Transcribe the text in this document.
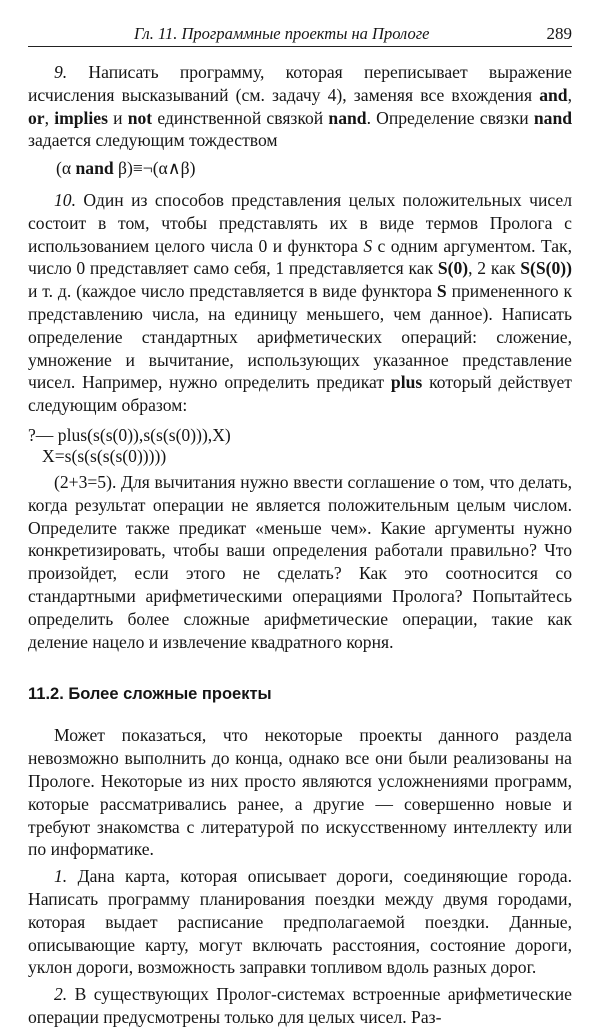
Гл. 11. Программные проекты на Прологе	289

9. Написать программу, которая переписывает выражение исчисления высказываний (см. задачу 4), заменяя все вхождения and, or, implies и not единственной связкой nand. Определение связки nand задается следующим тождеством

(α nand β)≡¬(α∧β)

10. Один из способов представления целых положительных чисел состоит в том, чтобы представлять их в виде термов Пролога с использованием целого числа 0 и функтора S с одним аргументом. Так, число 0 представляет само себя, 1 представляется как S(0), 2 как S(S(0)) и т. д. (каждое число представляется в виде функтора S примененного к представлению числа, на единицу меньшего, чем данное). Написать определение стандартных арифметических операций: сложение, умножение и вычитание, использующих указанное представление чисел. Например, нужно определить предикат plus который действует следующим образом:

?— plus(s(s(0)),s(s(s(0))),X)
X=s(s(s(s(s(0)))))

(2+3=5). Для вычитания нужно ввести соглашение о том, что делать, когда результат операции не является положительным целым числом. Определите также предикат «меньше чем». Какие аргументы нужно конкретизировать, чтобы ваши определения работали правильно? Что произойдет, если этого не сделать? Как это соотносится со стандартными арифметическими операциями Пролога? Попытайтесь определить более сложные арифметические операции, такие как деление нацело и извлечение квадратного корня.

11.2. Более сложные проекты

Может показаться, что некоторые проекты данного раздела невозможно выполнить до конца, однако все они были реализованы на Прологе. Некоторые из них просто являются усложнениями программ, которые рассматривались ранее, а другие — совершенно новые и требуют знакомства с литературой по искусственному интеллекту или по информатике.

1. Дана карта, которая описывает дороги, соединяющие города. Написать программу планирования поездки между двумя городами, которая выдает расписание предполагаемой поездки. Данные, описывающие карту, могут включать расстояния, состояние дороги, уклон дороги, возможность заправки топливом вдоль разных дорог.

2. В существующих Пролог-системах встроенные арифметические операции предусмотрены только для целых чисел. Раз-
